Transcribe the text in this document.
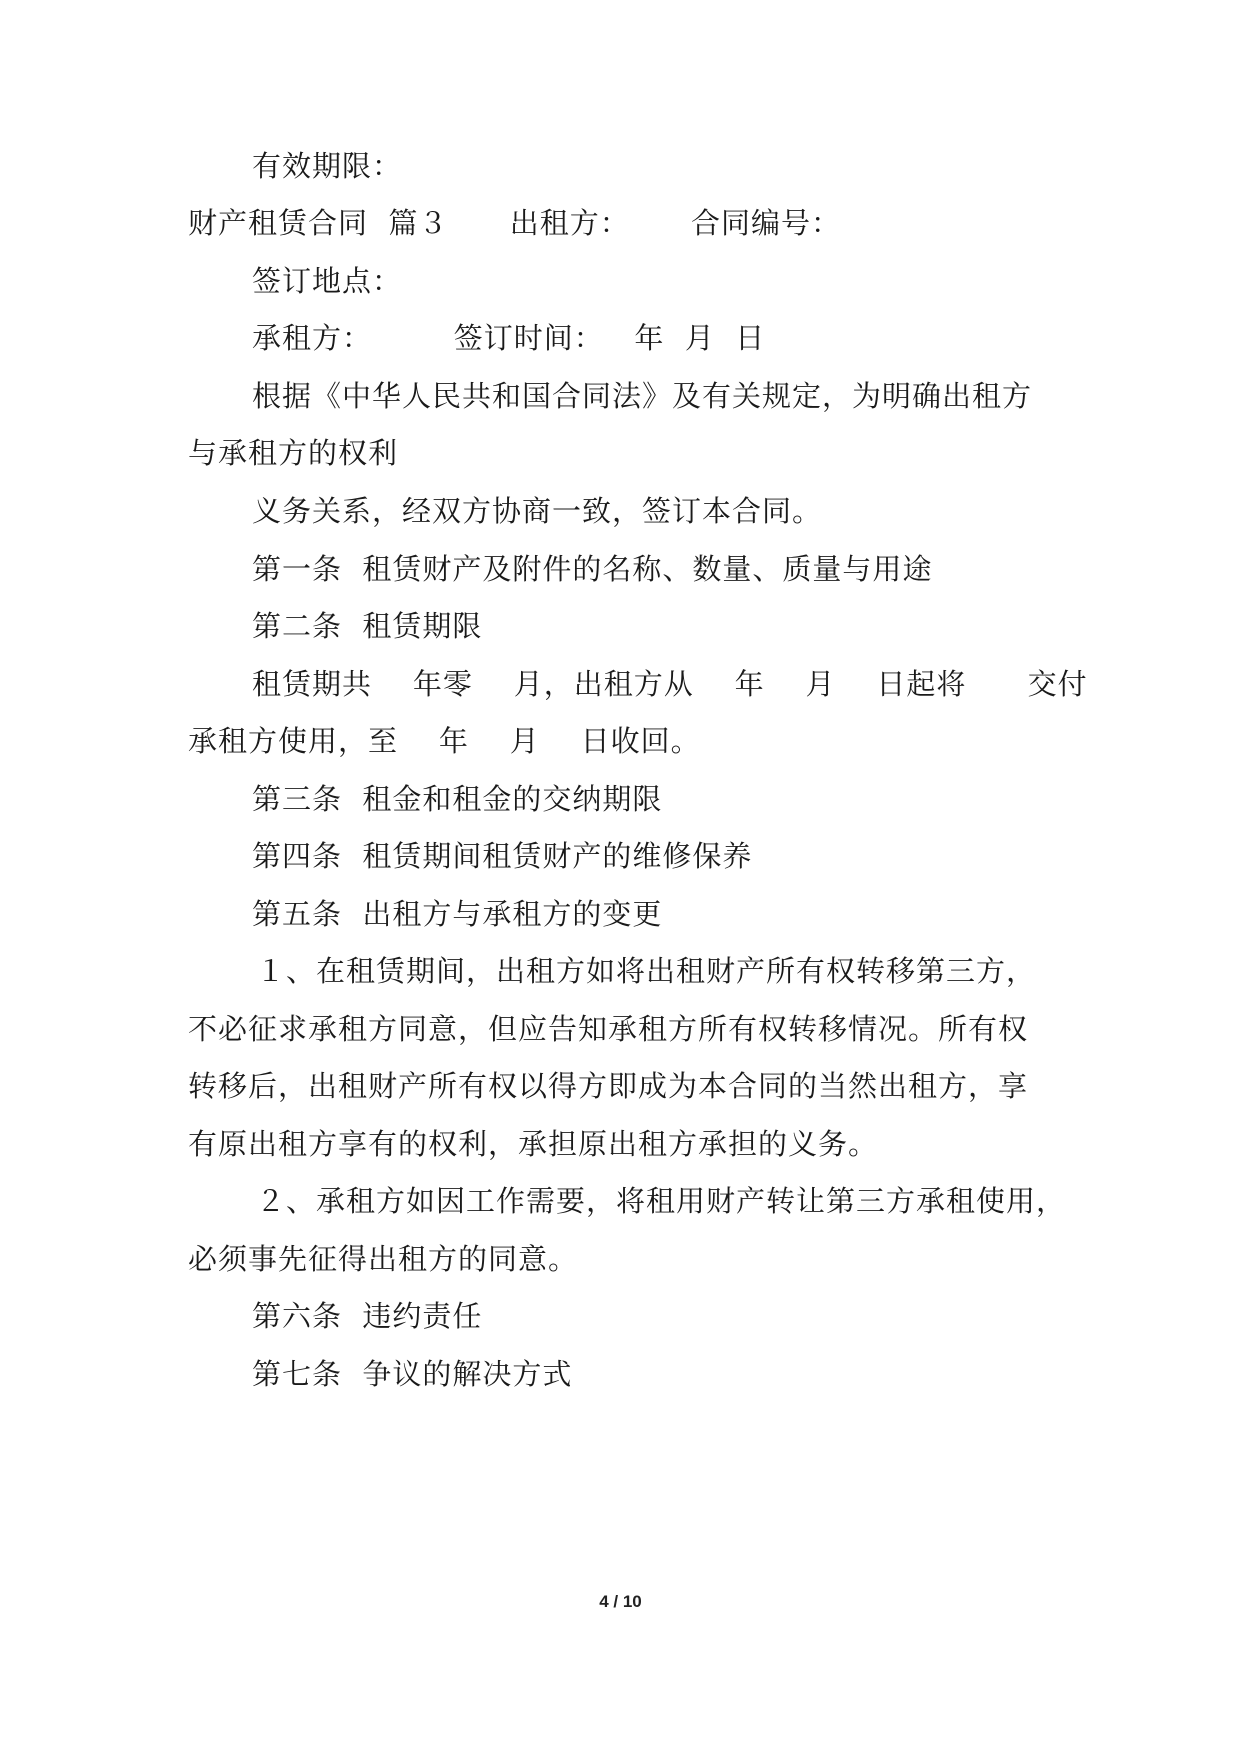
有效期限：
财产租赁合同  篇３      出租方：      合同编号：
签订地点：
承租方：        签订时间：   年  月  日
根据《中华人民共和国合同法》及有关规定，为明确出租方
与承租方的权利
义务关系，经双方协商一致，签订本合同。
第一条  租赁财产及附件的名称、数量、质量与用途
第二条  租赁期限
租赁期共    年零    月，出租方从    年    月    日起将      交付
承租方使用，至    年    月    日收回。
第三条  租金和租金的交纳期限
第四条  租赁期间租赁财产的维修保养
第五条  出租方与承租方的变更
１、在租赁期间，出租方如将出租财产所有权转移第三方，
不必征求承租方同意，但应告知承租方所有权转移情况。所有权
转移后，出租财产所有权以得方即成为本合同的当然出租方，享
有原出租方享有的权利，承担原出租方承担的义务。
２、承租方如因工作需要，将租用财产转让第三方承租使用，
必须事先征得出租方的同意。
第六条  违约责任
第七条  争议的解决方式
4 / 10
